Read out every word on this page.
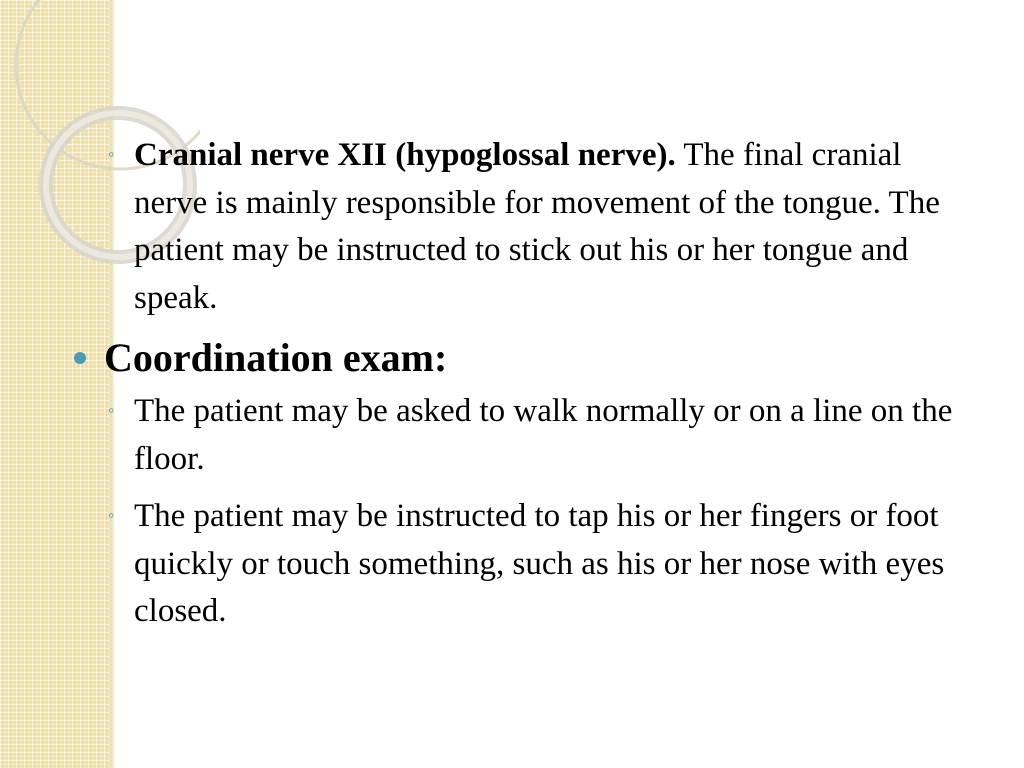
◦ Cranial nerve XII (hypoglossal nerve). The final cranial nerve is mainly responsible for movement of the tongue. The patient may be instructed to stick out his or her tongue and speak.
Coordination exam:
◦ The patient may be asked to walk normally or on a line on the floor.
◦ The patient may be instructed to tap his or her fingers or foot quickly or touch something, such as his or her nose with eyes closed.
